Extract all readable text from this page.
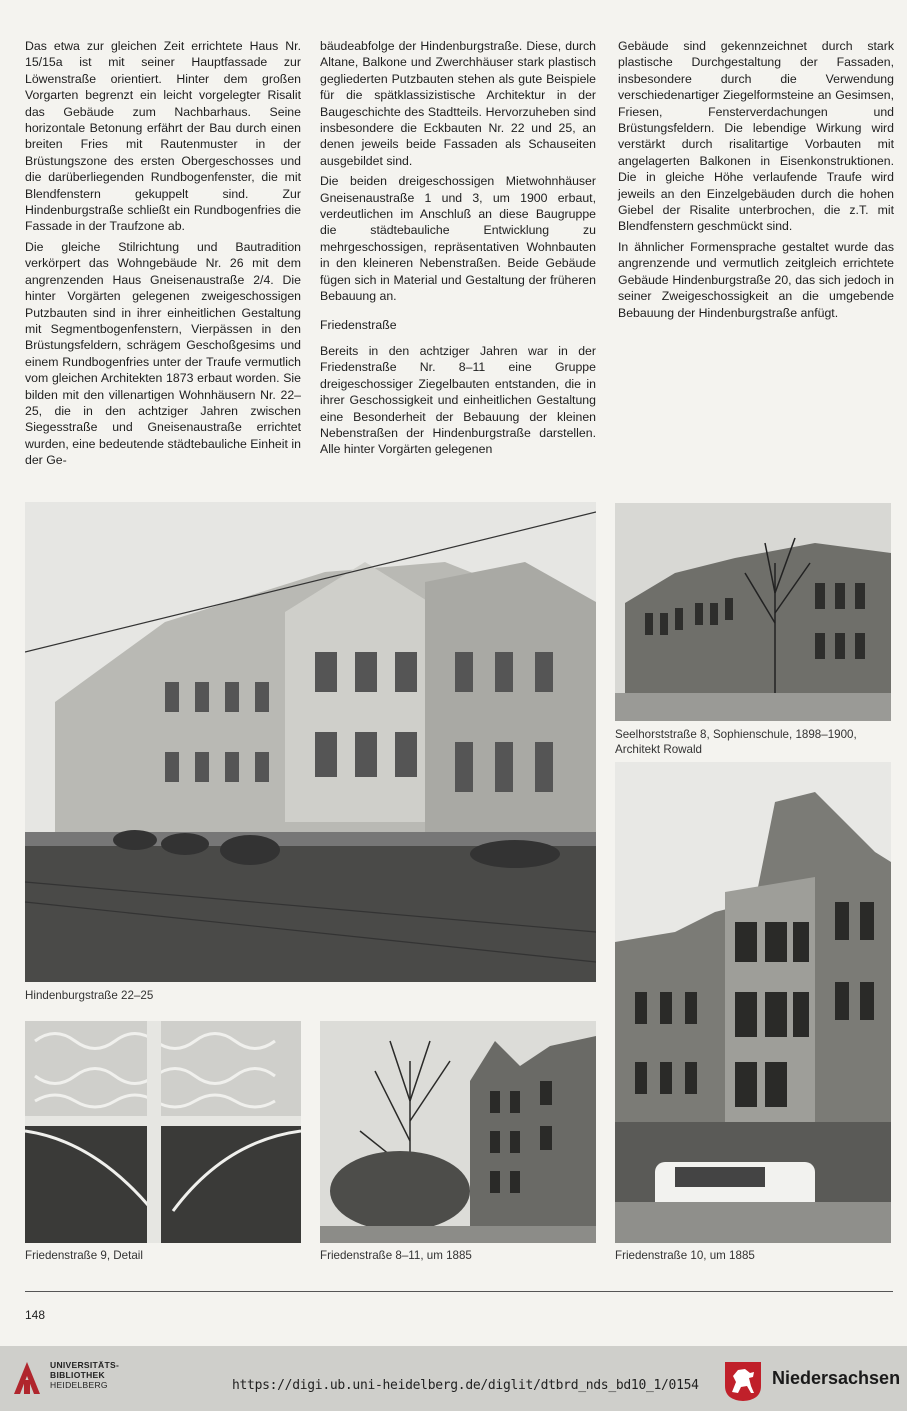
Das etwa zur gleichen Zeit errichtete Haus Nr. 15/15a ist mit seiner Hauptfassade zur Löwenstraße orientiert. Hinter dem großen Vorgarten begrenzt ein leicht vorgelegter Risalit das Gebäude zum Nachbarhaus. Seine horizontale Betonung erfährt der Bau durch einen breiten Fries mit Rautenmuster in der Brüstungszone des ersten Obergeschosses und die darüberliegenden Rundbogenfenster, die mit Blendfenstern gekuppelt sind. Zur Hindenburgstraße schließt ein Rundbogenfries die Fassade in der Traufzone ab.

Die gleiche Stilrichtung und Bautradition verkörpert das Wohngebäude Nr. 26 mit dem angrenzenden Haus Gneisenaustraße 2/4. Die hinter Vorgärten gelegenen zweigeschossigen Putzbauten sind in ihrer einheitlichen Gestaltung mit Segmentbogenfenstern, Vierpässen in den Brüstungsfeldern, schrägem Geschoßgesims und einem Rundbogenfries unter der Traufe vermutlich vom gleichen Architekten 1873 erbaut worden. Sie bilden mit den villenartigen Wohnhäusern Nr. 22–25, die in den achtziger Jahren zwischen Siegesstraße und Gneisenaustraße errichtet wurden, eine bedeutende städtebauliche Einheit in der Ge-

bäudeabfolge der Hindenburgstraße. Diese, durch Altane, Balkone und Zwerchhäuser stark plastisch gegliederten Putzbauten stehen als gute Beispiele für die spätklassizistische Architektur in der Baugeschichte des Stadtteils. Hervorzuheben sind insbesondere die Eckbauten Nr. 22 und 25, an denen jeweils beide Fassaden als Schauseiten ausgebildet sind.

Die beiden dreigeschossigen Mietwohnhäuser Gneisenaustraße 1 und 3, um 1900 erbaut, verdeutlichen im Anschluß an diese Baugruppe die städtebauliche Entwicklung zu mehrgeschossigen, repräsentativen Wohnbauten in den kleineren Nebenstraßen. Beide Gebäude fügen sich in Material und Gestaltung der früheren Bebauung an.

Friedenstraße

Bereits in den achtziger Jahren war in der Friedenstraße Nr. 8–11 eine Gruppe dreigeschossiger Ziegelbauten entstanden, die in ihrer Geschossigkeit und einheitlichen Gestaltung eine Besonderheit der Bebauung der kleinen Nebenstraßen der Hindenburgstraße darstellen. Alle hinter Vorgärten gelegenen

Gebäude sind gekennzeichnet durch stark plastische Durchgestaltung der Fassaden, insbesondere durch die Verwendung verschiedenartiger Ziegelformsteine an Gesimsen, Friesen, Fensterverdachungen und Brüstungsfeldern. Die lebendige Wirkung wird verstärkt durch risalitartige Vorbauten mit angelagerten Balkonen in Eisenkonstruktionen. Die in gleiche Höhe verlaufende Traufe wird jeweils an den Einzelgebäuden durch die hohen Giebel der Risalite unterbrochen, die z.T. mit Blendfenstern geschmückt sind.

In ähnlicher Formensprache gestaltet wurde das angrenzende und vermutlich zeitgleich errichtete Gebäude Hindenburgstraße 20, das sich jedoch in seiner Zweigeschossigkeit an die umgebende Bebauung der Hindenburgstraße anfügt.

Hindenburgstraße 22–25
Seelhorststraße 8, Sophienschule, 1898–1900, Architekt Rowald
Friedenstraße 10, um 1885
Friedenstraße 9, Detail	Friedenstraße 8–11, um 1885
148
UNIVERSITÄTS-
BIBLIOTHEK
HEIDELBERG	https://digi.ub.uni-heidelberg.de/diglit/dtbrd_nds_bd10_1/0154	Niedersachsen
